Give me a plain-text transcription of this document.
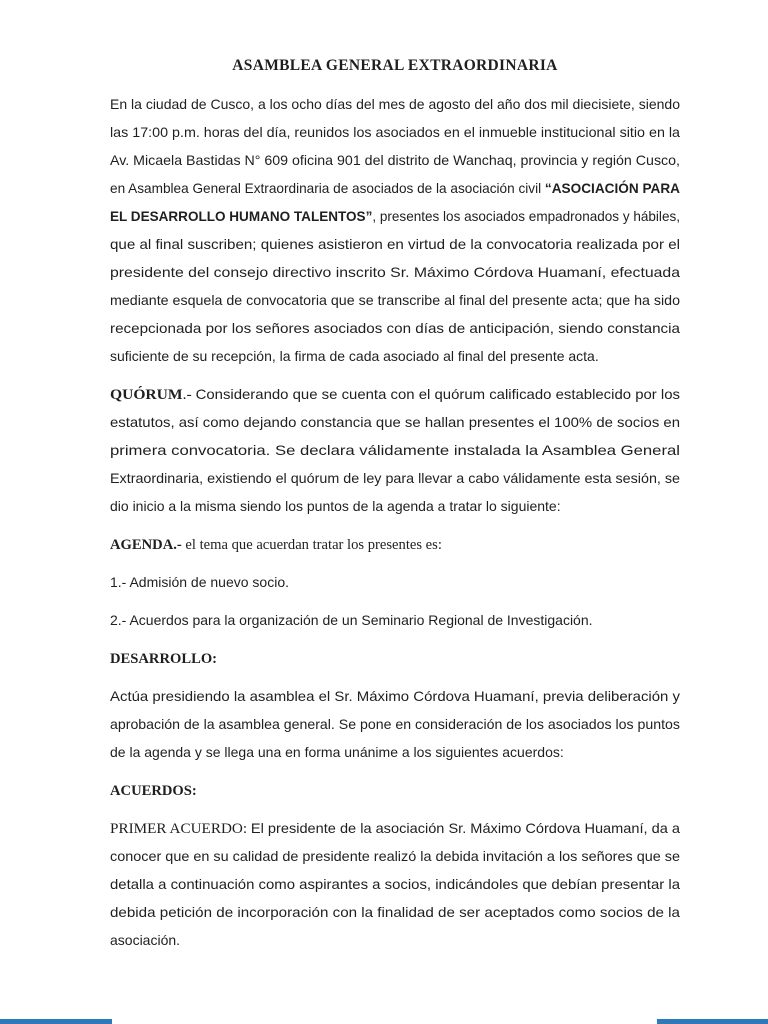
ASAMBLEA GENERAL EXTRAORDINARIA
En la ciudad de Cusco, a los ocho días del mes de agosto del año dos mil diecisiete, siendo
las 17:00 p.m. horas del día, reunidos los asociados en el inmueble institucional sitio en la
Av. Micaela Bastidas N° 609 oficina 901 del distrito de Wanchaq, provincia y región Cusco,
en Asamblea General Extraordinaria de asociados de la asociación civil “ASOCIACIÓN PARA
EL DESARROLLO HUMANO TALENTOS”, presentes los asociados empadronados y hábiles,
que al final suscriben; quienes asistieron en virtud de la convocatoria realizada por el
presidente del consejo directivo inscrito Sr. Máximo Córdova Huamaní, efectuada
mediante esquela de convocatoria que se transcribe al final del presente acta; que ha sido
recepcionada por los señores asociados con días de anticipación, siendo constancia
suficiente de su recepción, la firma de cada asociado al final del presente acta.
QUÓRUM.- Considerando que se cuenta con el quórum calificado establecido por los
estatutos, así como dejando constancia que se hallan presentes el 100% de socios en
primera convocatoria. Se declara válidamente instalada la Asamblea General
Extraordinaria, existiendo el quórum de ley para llevar a cabo válidamente esta sesión, se
dio inicio a la misma siendo los puntos de la agenda a tratar lo siguiente:
AGENDA.- el tema que acuerdan tratar los presentes es:
1.- Admisión de nuevo socio.
2.- Acuerdos para la organización de un Seminario Regional de Investigación.
DESARROLLO:
Actúa presidiendo la asamblea el Sr. Máximo Córdova Huamaní, previa deliberación y
aprobación de la asamblea general. Se pone en consideración de los asociados los puntos
de la agenda y se llega una en forma unánime a los siguientes acuerdos:
ACUERDOS:
PRIMER ACUERDO: El presidente de la asociación Sr. Máximo Córdova Huamaní, da a
conocer que en su calidad de presidente realizó la debida invitación a los señores que se
detalla a continuación como aspirantes a socios, indicándoles que debían presentar la
debida petición de incorporación con la finalidad de ser aceptados como socios de la
asociación.
